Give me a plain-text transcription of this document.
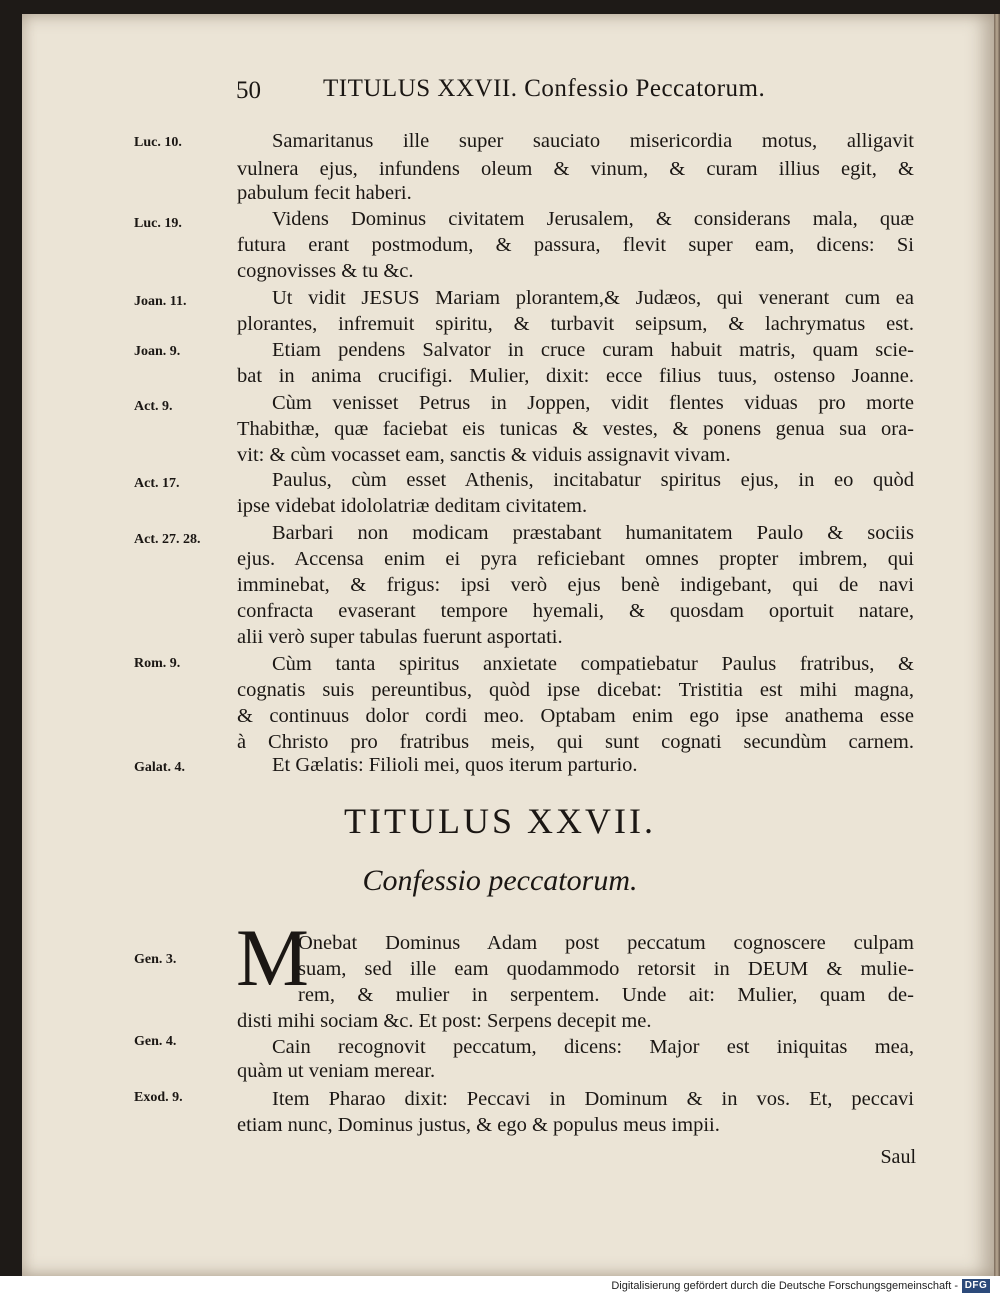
50 TITULUS XXVII. Confessio Peccatorum.
Luc. 10.	Samaritanus ille super sauciato misericordia motus, alligavit
vulnera ejus, infundens oleum & vinum, & curam illius egit, &
pabulum fecit haberi.
Luc. 19.	Videns Dominus civitatem Jerusalem, & considerans mala, quæ
futura erant postmodum, & passura, flevit super eam, dicens: Si
cognovisses & tu &c.
Joan. 11.	Ut vidit JESUS Mariam plorantem,& Judæos, qui venerant cum ea
plorantes, infremuit spiritu, & turbavit seipsum, & lachrymatus est.
Joan. 9.	Etiam pendens Salvator in cruce curam habuit matris, quam scie-
bat in anima crucifigi. Mulier, dixit: ecce filius tuus, ostenso Joanne.
Act. 9.	Cùm venisset Petrus in Joppen, vidit flentes viduas pro morte
Thabithæ, quæ faciebat eis tunicas & vestes, & ponens genua sua ora-
vit: & cùm vocasset eam, sanctis & viduis assignavit vivam.
Act. 17.	Paulus, cùm esset Athenis, incitabatur spiritus ejus, in eo quòd
ipse videbat idololatriæ deditam civitatem.
Act. 27. 28.	Barbari non modicam præstabant humanitatem Paulo & sociis
ejus. Accensa enim ei pyra reficiebant omnes propter imbrem, qui
imminebat, & frigus: ipsi verò ejus benè indigebant, qui de navi
confracta evaserant tempore hyemali, & quosdam oportuit natare,
alii verò super tabulas fuerunt asportati.
Rom. 9.	Cùm tanta spiritus anxietate compatiebatur Paulus fratribus, &
cognatis suis pereuntibus, quòd ipse dicebat: Tristitia est mihi magna,
& continuus dolor cordi meo. Optabam enim ego ipse anathema esse
à Christo pro fratribus meis, qui sunt cognati secundùm carnem.
Galat. 4.	Et Gælatis: Filioli mei, quos iterum parturio.
TITULUS XXVII.
Confessio peccatorum.
Gen. 3. M
Onebat Dominus Adam post peccatum cognoscere culpam
suam, sed ille eam quodammodo retorsit in DEUM & mulie-
rem, & mulier in serpentem. Unde ait: Mulier, quam de-
disti mihi sociam &c. Et post: Serpens decepit me.
Gen. 4.	Cain recognovit peccatum, dicens: Major est iniquitas mea,
quàm ut veniam merear.
Exod. 9.	Item Pharao dixit: Peccavi in Dominum & in vos. Et, peccavi
etiam nunc, Dominus justus, & ego & populus meus impii.
Saul
Digitalisierung gefördert durch die Deutsche Forschungsgemeinschaft - DFG
